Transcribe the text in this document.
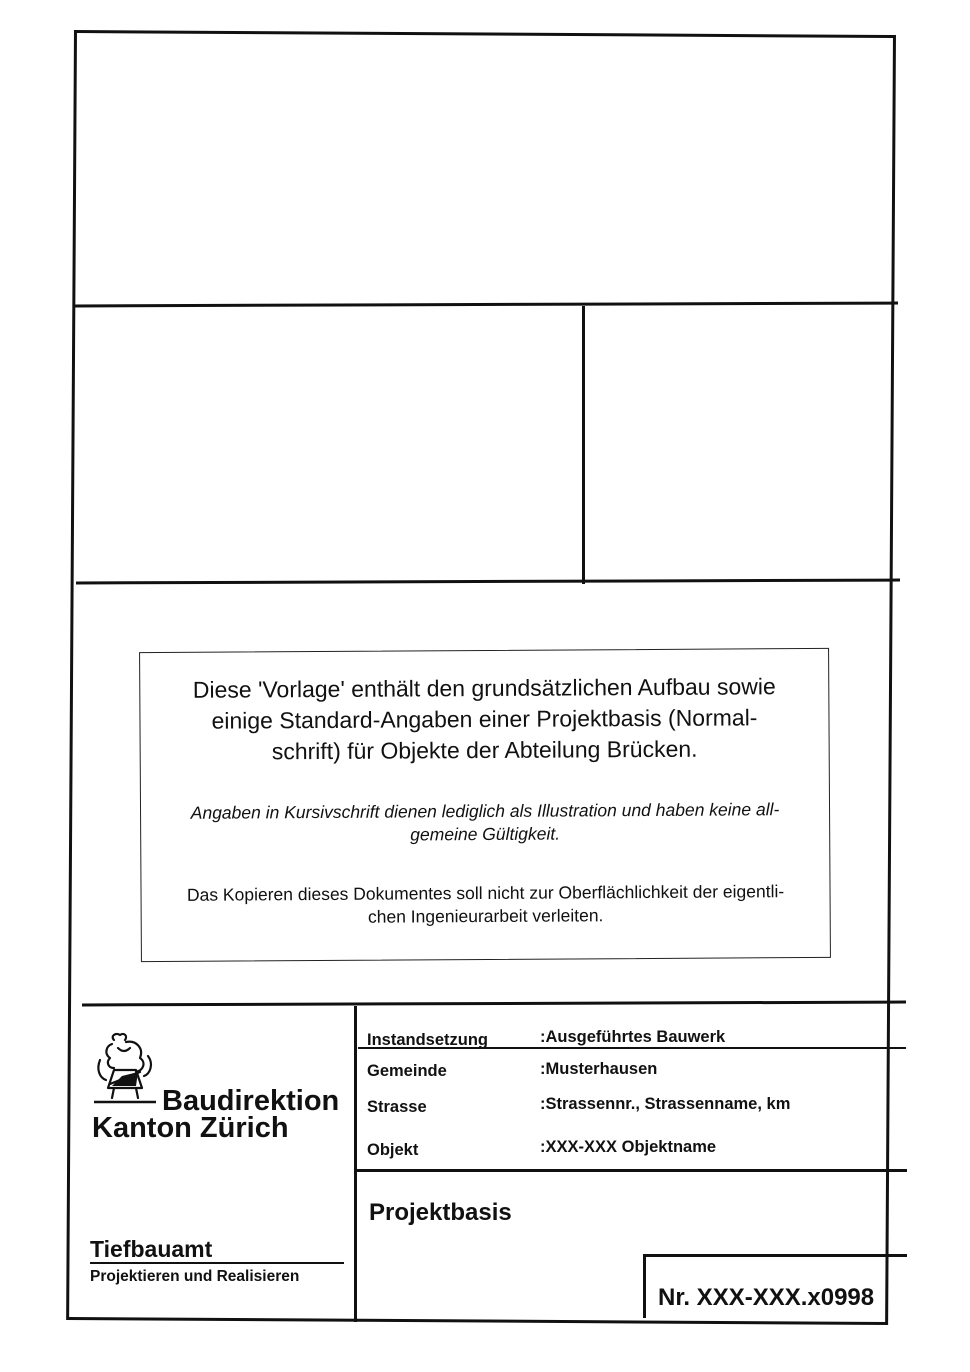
Diese 'Vorlage' enthält den grundsätzlichen Aufbau sowie
einige Standard-Angaben einer Projektbasis (Normal-
schrift) für Objekte der Abteilung Brücken.
Angaben in Kursivschrift dienen lediglich als Illustration und haben keine all-
gemeine Gültigkeit.
Das Kopieren dieses Dokumentes soll nicht zur Oberflächlichkeit der eigentli-
chen Ingenieurarbeit verleiten.
Baudirektion
Kanton Zürich
Tiefbauamt
Projektieren und Realisieren
Instandsetzung	:Ausgeführtes Bauwerk
Gemeinde	:Musterhausen
Strasse	:Strassennr., Strassenname, km
Objekt	:XXX-XXX Objektname
Projektbasis
Nr. XXX-XXX.x0998
